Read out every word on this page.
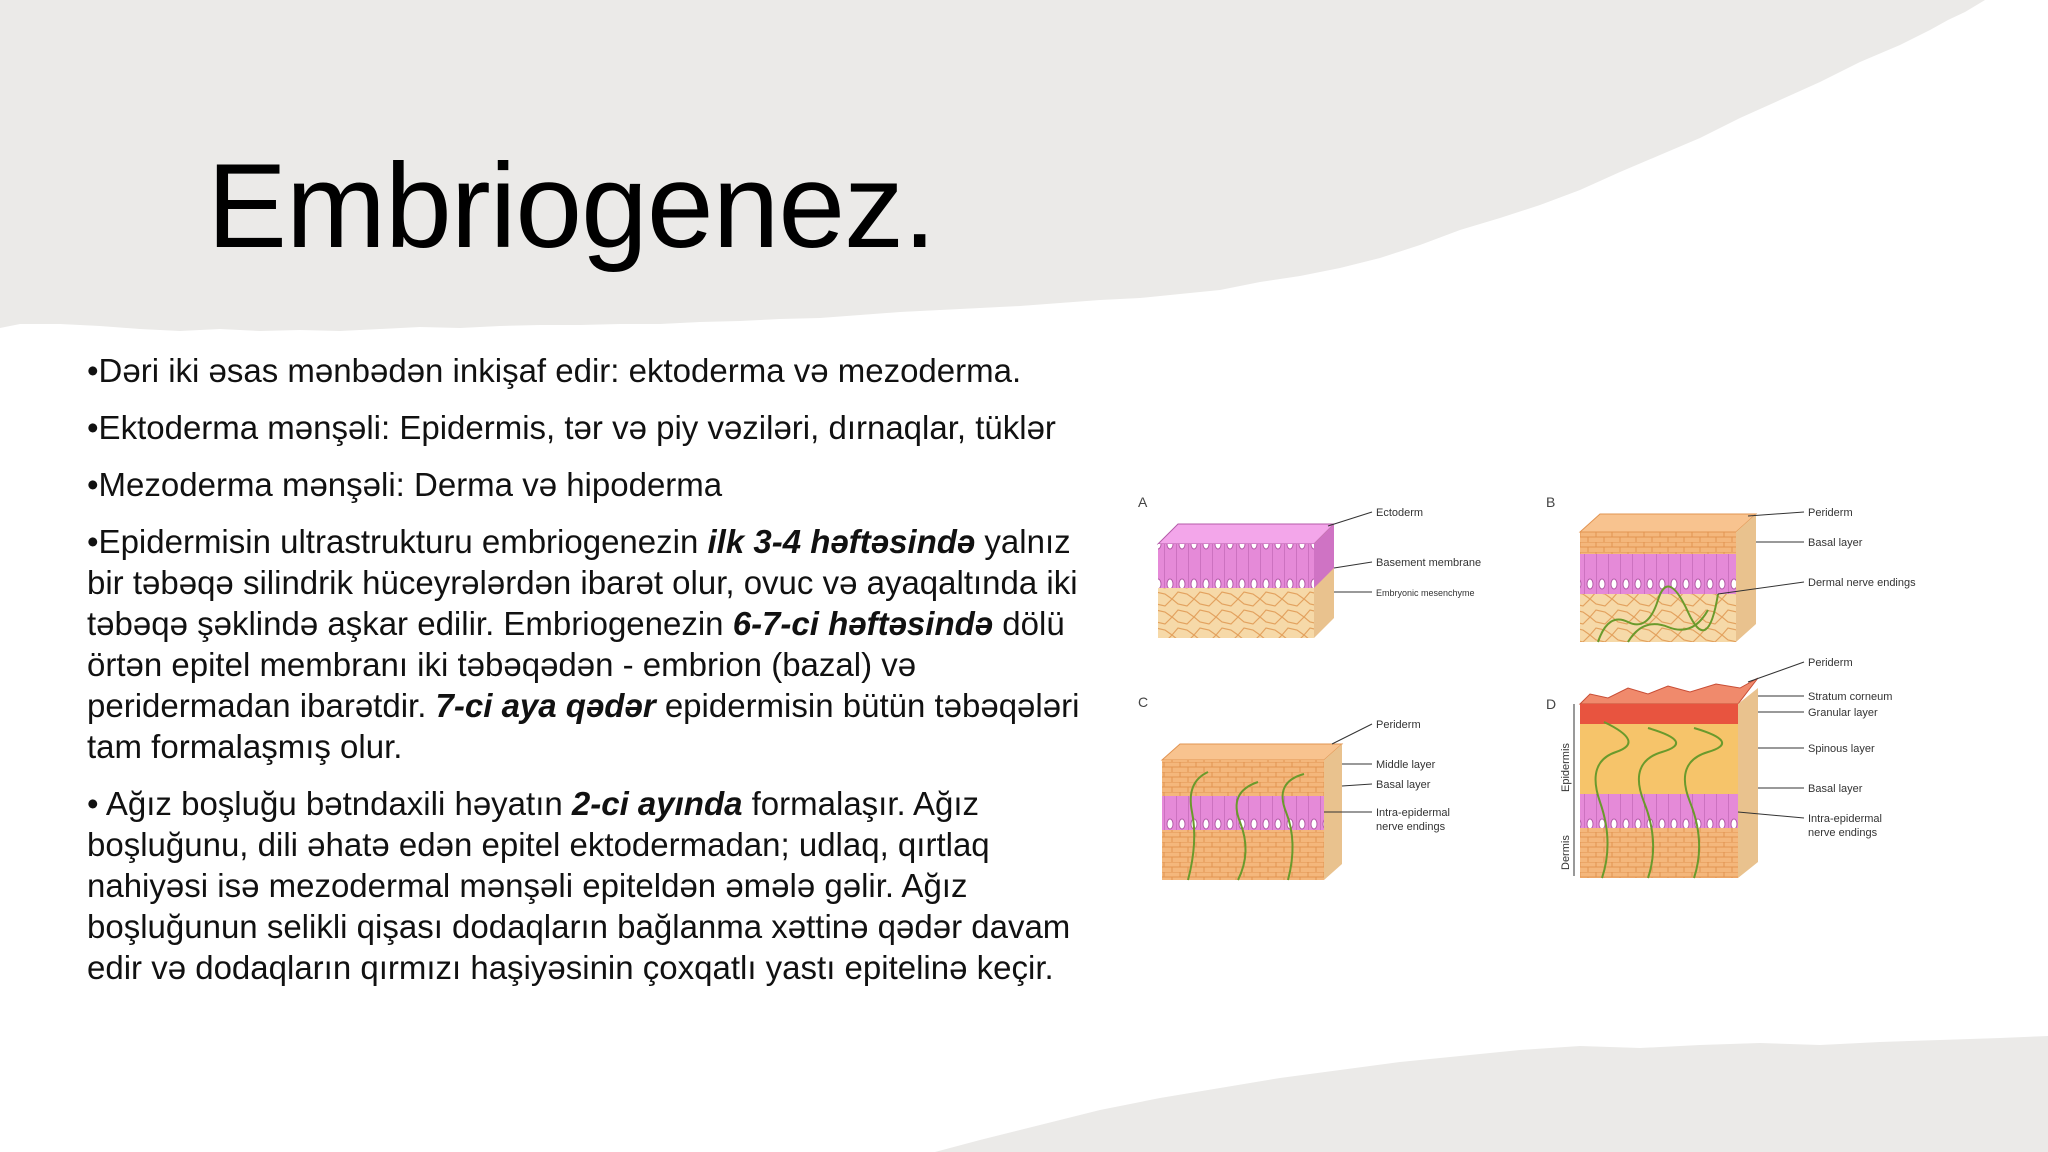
Embriogenez.

•Dəri iki əsas mənbədən inkişaf edir: ektoderma və mezoderma.

•Ektoderma mənşəli: Epidermis, tər və piy vəziləri, dırnaqlar, tüklər

•Mezoderma mənşəli: Derma və hipoderma

•Epidermisin ultrastrukturu embriogenezin ilk 3-4 həftəsində yalnız bir təbəqə silindrik hüceyrələrdən ibarət olur, ovuc və ayaqaltında iki təbəqə şəklində aşkar edilir. Embriogenezin 6-7-ci həftəsində dölü örtən epitel membranı iki təbəqədən - embrion (bazal) və peridermadan ibarətdir. 7-ci aya qədər epidermisin bütün təbəqələri tam formalaşmış olur.

• Ağız boşluğu bətndaxili həyatın 2-ci ayında formalaşır. Ağız boşluğunu, dili əhatə edən epitel ektodermadan; udlaq, qırtlaq nahiyəsi isə mezodermal mənşəli epiteldən əmələ gəlir. Ağız boşluğunun selikli qişası dodaqların bağlanma xəttinə qədər davam edir və dodaqların qırmızı haşiyəsinin çoxqatlı yastı epitelinə keçir.

A
Ectoderm
Basement membrane
Embryonic mesenchyme
B
Periderm
Basal layer
Dermal nerve endings
C
Periderm
Middle layer
Basal layer
Intra-epidermal
nerve endings
D
Epidermis
Dermis
Periderm
Stratum corneum
Granular layer
Spinous layer
Basal layer
Intra-epidermal
nerve endings
